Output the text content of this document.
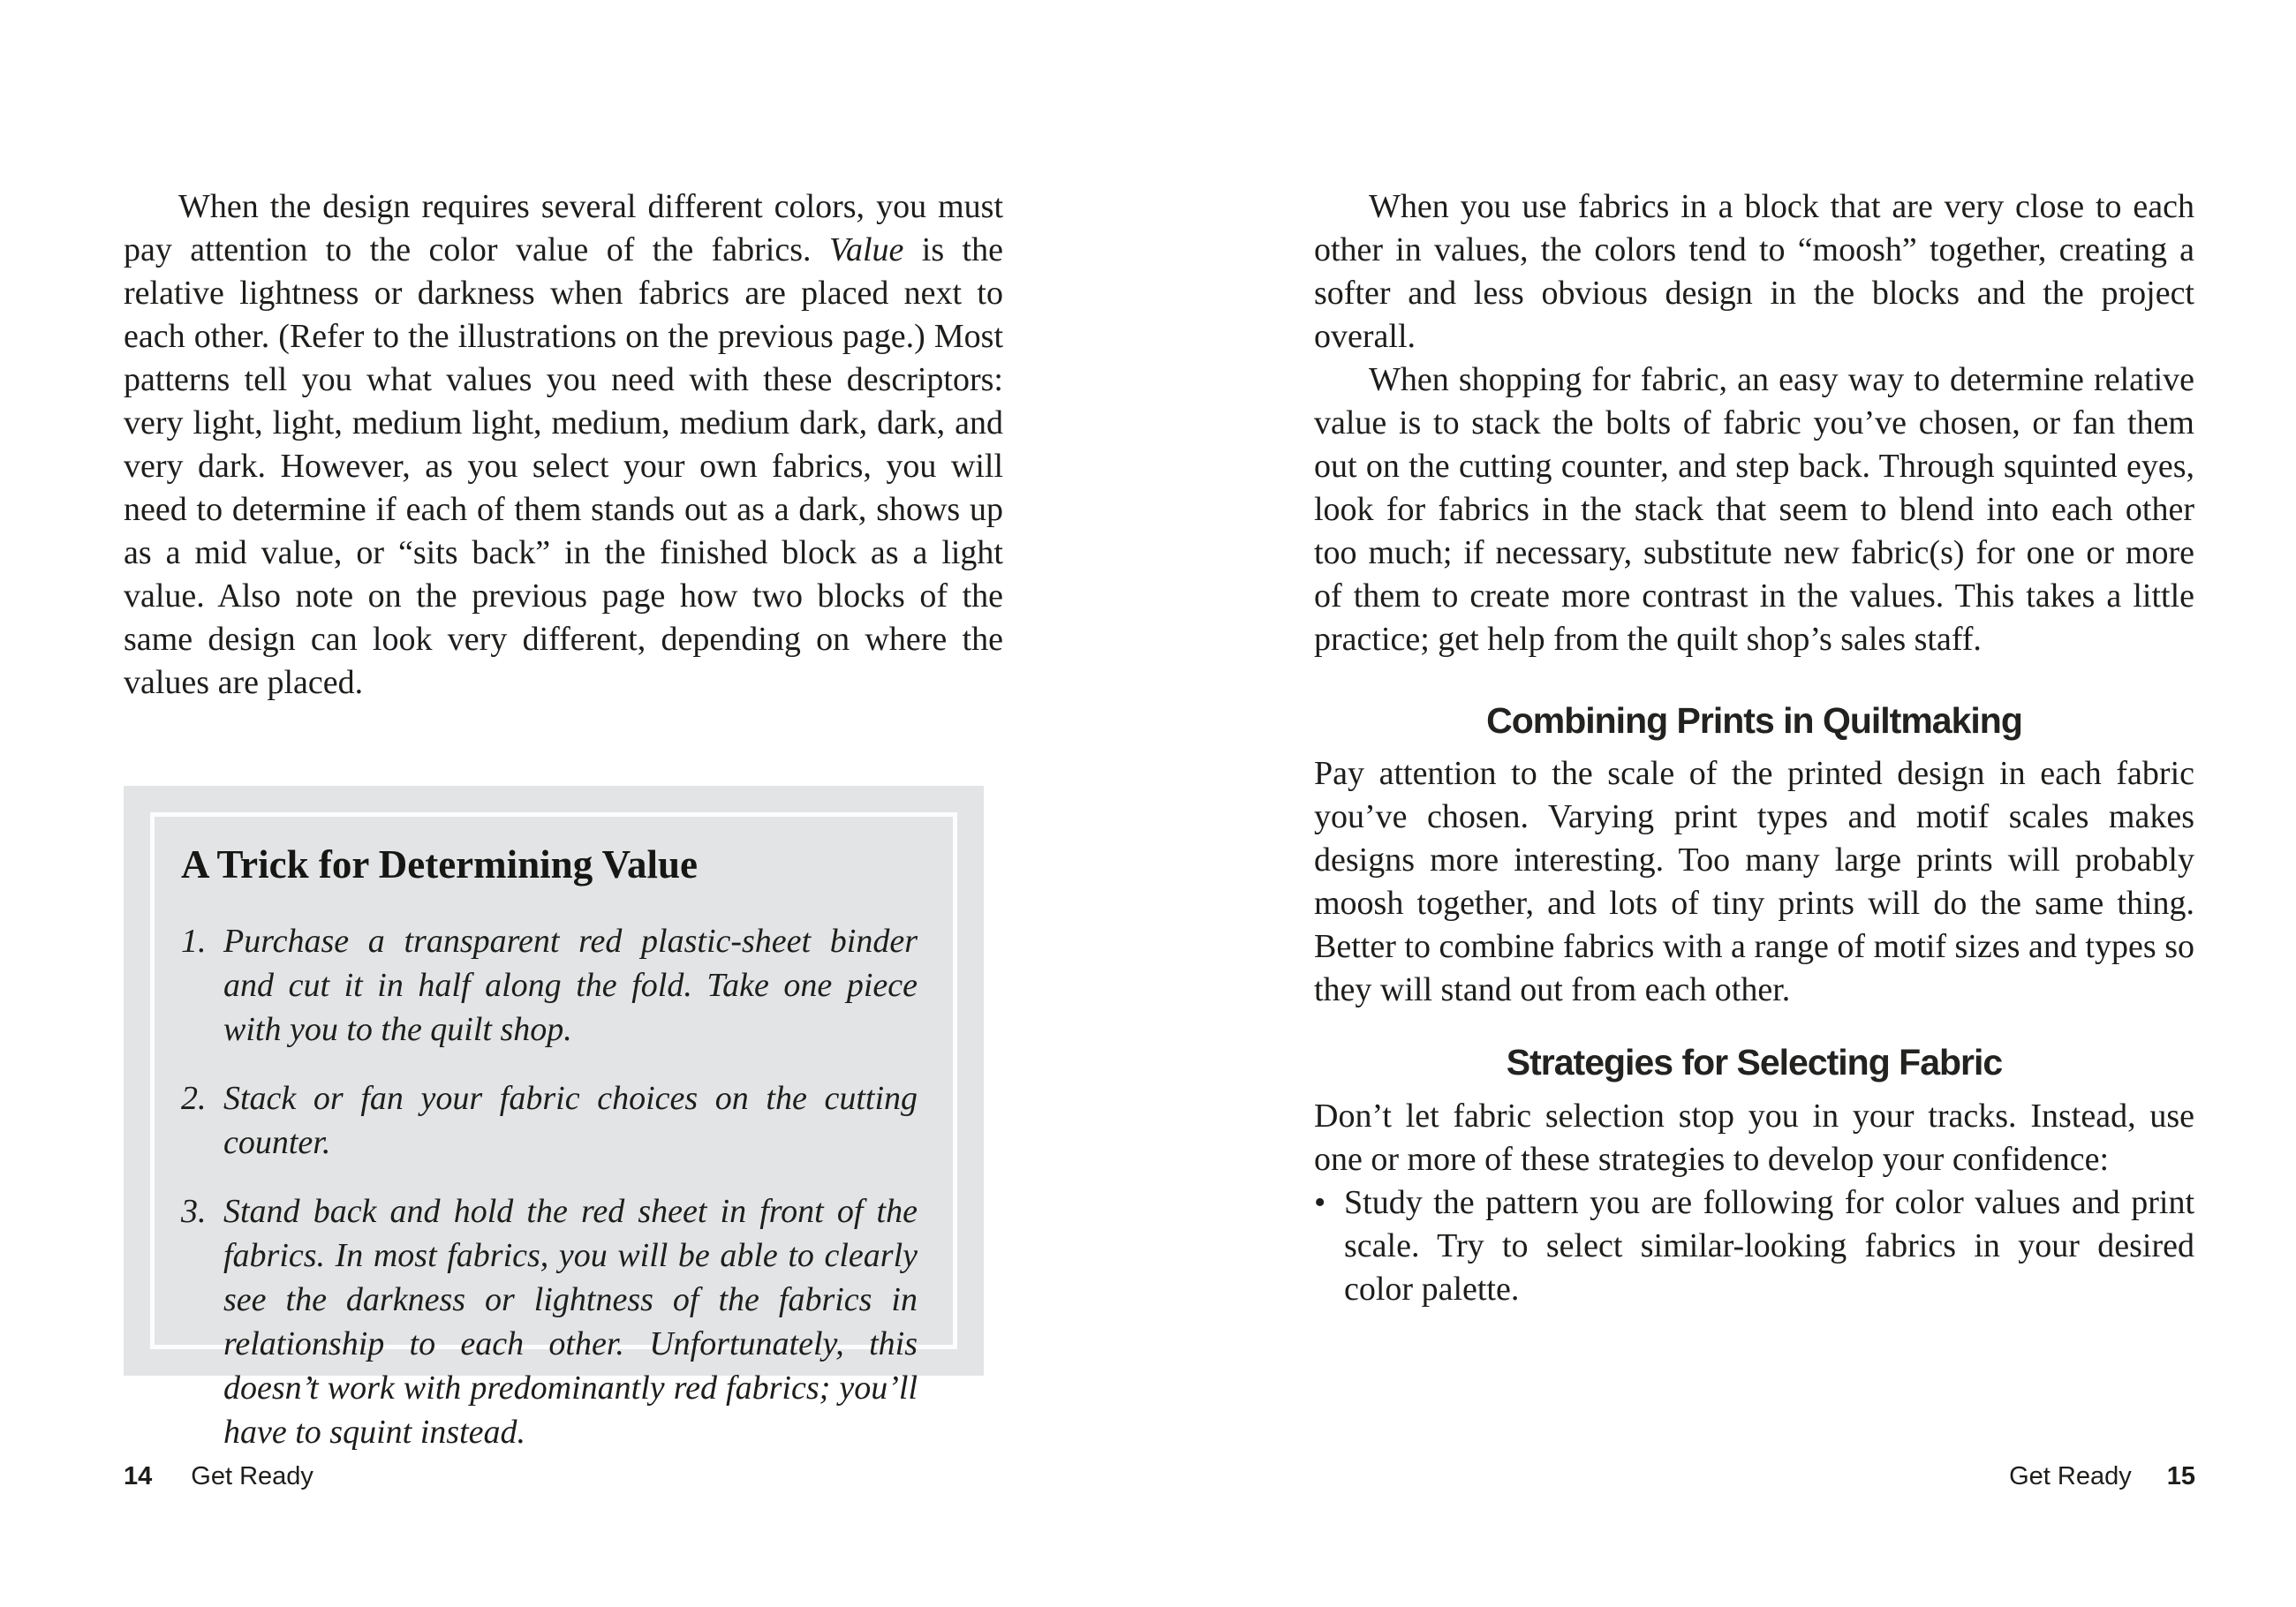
When the design requires several different colors, you must pay attention to the color value of the fabrics. Value is the relative lightness or darkness when fabrics are placed next to each other. (Refer to the illustrations on the previous page.) Most patterns tell you what values you need with these descriptors: very light, light, medium light, medium, medium dark, dark, and very dark. However, as you select your own fabrics, you will need to determine if each of them stands out as a dark, shows up as a mid value, or “sits back” in the finished block as a light value. Also note on the previous page how two blocks of the same design can look very different, depending on where the values are placed.

A Trick for Determining Value
1. Purchase a transparent red plastic-sheet binder and cut it in half along the fold. Take one piece with you to the quilt shop.
2. Stack or fan your fabric choices on the cutting counter.
3. Stand back and hold the red sheet in front of the fabrics. In most fabrics, you will be able to clearly see the darkness or lightness of the fabrics in relationship to each other. Unfortunately, this doesn’t work with predominantly red fabrics; you’ll have to squint instead.
14 Get Ready

When you use fabrics in a block that are very close to each other in values, the colors tend to “moosh” together, creating a softer and less obvious design in the blocks and the project overall.

When shopping for fabric, an easy way to determine relative value is to stack the bolts of fabric you’ve chosen, or fan them out on the cutting counter, and step back. Through squinted eyes, look for fabrics in the stack that seem to blend into each other too much; if necessary, substitute new fabric(s) for one or more of them to create more contrast in the values. This takes a little practice; get help from the quilt shop’s sales staff.

Combining Prints in Quiltmaking

Pay attention to the scale of the printed design in each fabric you’ve chosen. Varying print types and motif scales makes designs more interesting. Too many large prints will probably moosh together, and lots of tiny prints will do the same thing. Better to combine fabrics with a range of motif sizes and types so they will stand out from each other.

Strategies for Selecting Fabric

Don’t let fabric selection stop you in your tracks. Instead, use one or more of these strategies to develop your confidence:

• Study the pattern you are following for color values and print scale. Try to select similar-looking fabrics in your desired color palette.
Get Ready 15
